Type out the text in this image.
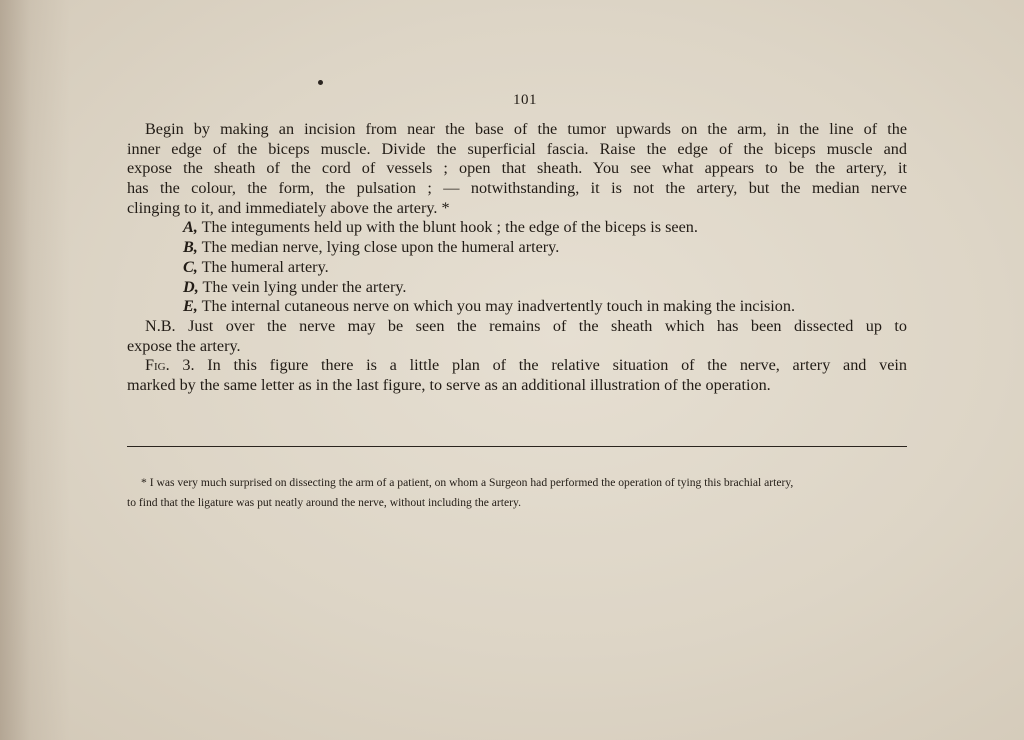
101
Begin by making an incision from near the base of the tumor upwards on the arm, in the line of the
inner edge of the biceps muscle. Divide the superficial fascia. Raise the edge of the biceps muscle and
expose the sheath of the cord of vessels ; open that sheath. You see what appears to be the artery, it
has the colour, the form, the pulsation ; — notwithstanding, it is not the artery, but the median nerve
clinging to it, and immediately above the artery. *
A, The integuments held up with the blunt hook ; the edge of the biceps is seen.
B, The median nerve, lying close upon the humeral artery.
C, The humeral artery.
D, The vein lying under the artery.
E, The internal cutaneous nerve on which you may inadvertently touch in making the incision.
N.B. Just over the nerve may be seen the remains of the sheath which has been dissected up to
expose the artery.
Fig. 3. In this figure there is a little plan of the relative situation of the nerve, artery and vein
marked by the same letter as in the last figure, to serve as an additional illustration of the operation.
* I was very much surprised on dissecting the arm of a patient, on whom a Surgeon had performed the operation of tying this brachial artery,
to find that the ligature was put neatly around the nerve, without including the artery.
